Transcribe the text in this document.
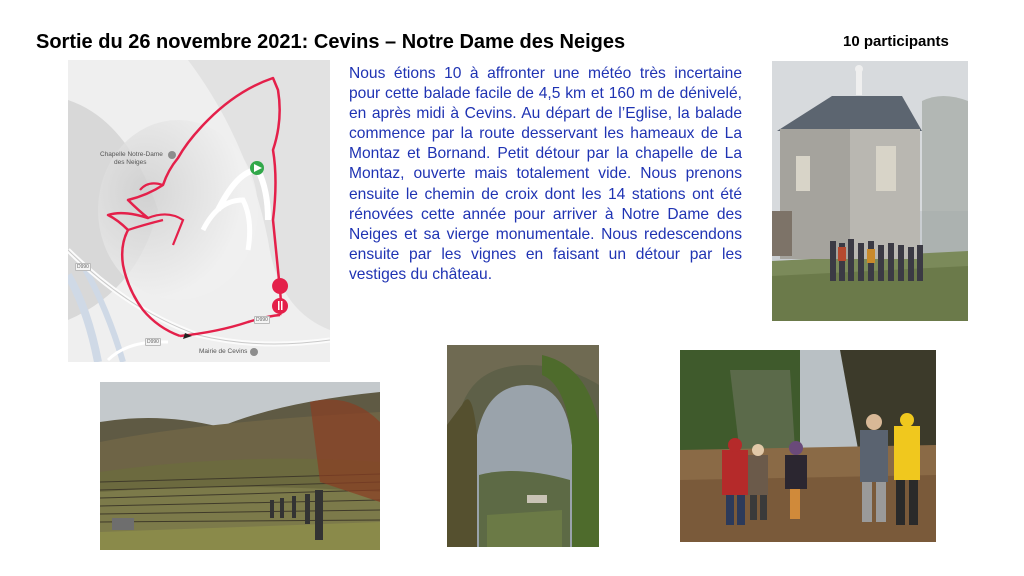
Sortie du 26 novembre 2021: Cevins – Notre Dame des Neiges	10 participants
Chapelle Notre-Dame
des Neiges
Mairie de Cevins
D990
D990
D990
Nous étions 10 à affronter une météo très incertaine pour cette balade facile de 4,5 km et 160 m de dénivelé, en après midi à Cevins. Au départ de l’Eglise, la balade commence par la route desservant les hameaux de La Montaz et Bornand. Petit détour par la chapelle de La Montaz, ouverte mais totalement vide. Nous prenons ensuite le chemin de croix dont les 14 stations ont été rénovées cette année pour arriver à Notre Dame des Neiges et sa vierge monumentale. Nous redescendons ensuite par les vignes en faisant un détour par les vestiges du château.
